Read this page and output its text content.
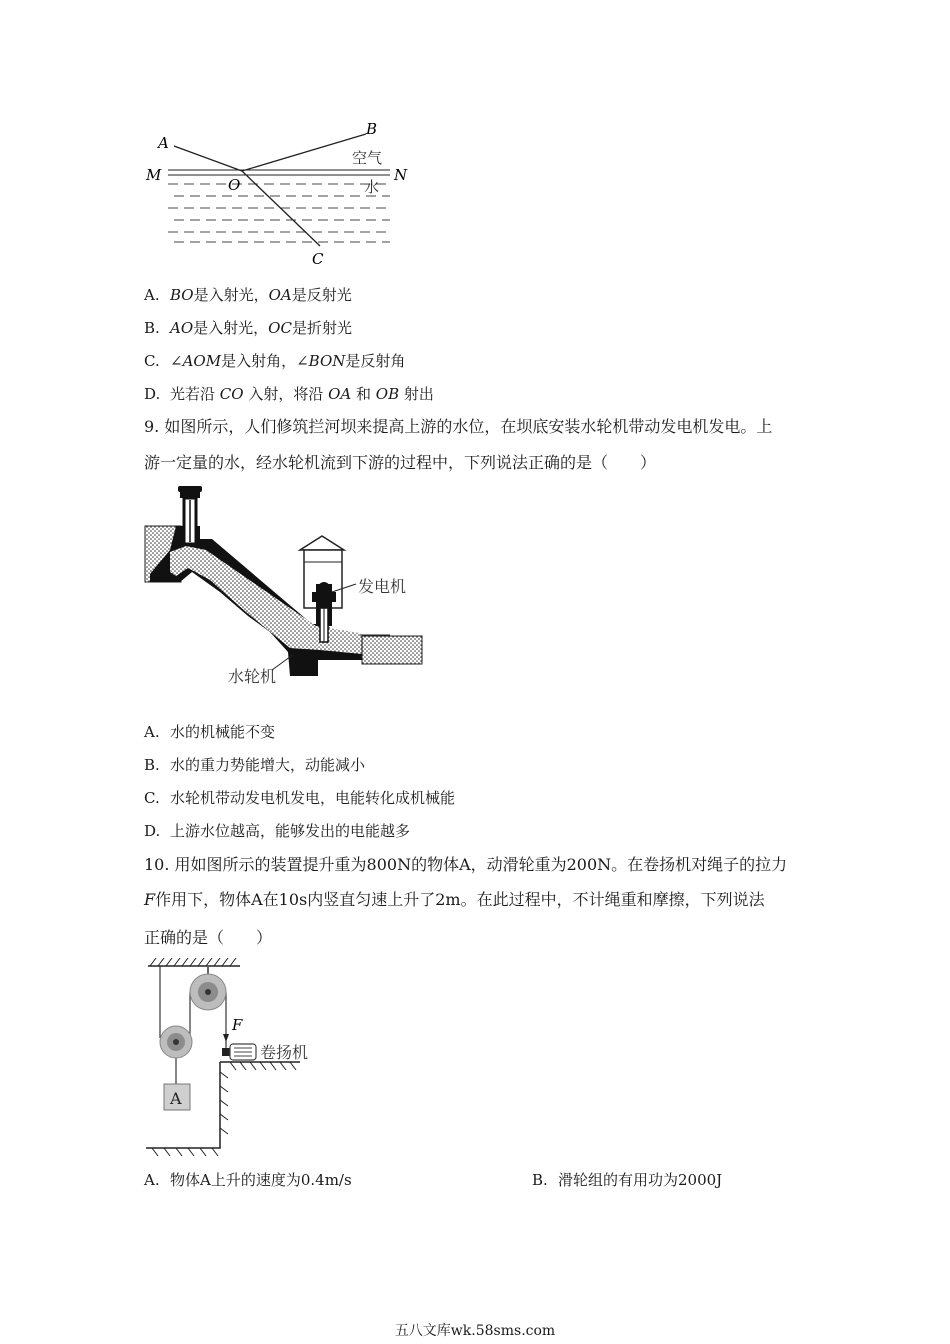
A
B
M	N
O
C
空气
水
A. BO是入射光，OA是反射光
B. AO是入射光，OC是折射光
C. ∠AOM是入射角，∠BON是反射角
D. 光若沿 CO 入射，将沿 OA 和 OB 射出
9. 如图所示，人们修筑拦河坝来提高上游的水位，在坝底安装水轮机带动发电机发电。上
游一定量的水，经水轮机流到下游的过程中，下列说法正确的是（　　）
发电机
水轮机
A. 水的机械能不变
B. 水的重力势能增大，动能减小
C. 水轮机带动发电机发电，电能转化成机械能
D. 上游水位越高，能够发出的电能越多
10. 用如图所示的装置提升重为800N的物体A，动滑轮重为200N。在卷扬机对绳子的拉力
F作用下，物体A在10s内竖直匀速上升了2m。在此过程中，不计绳重和摩擦，下列说法
正确的是（　　）
A
F
卷扬机
A. 物体A上升的速度为0.4m/s	B. 滑轮组的有用功为2000J
五八文库wk.58sms.com
